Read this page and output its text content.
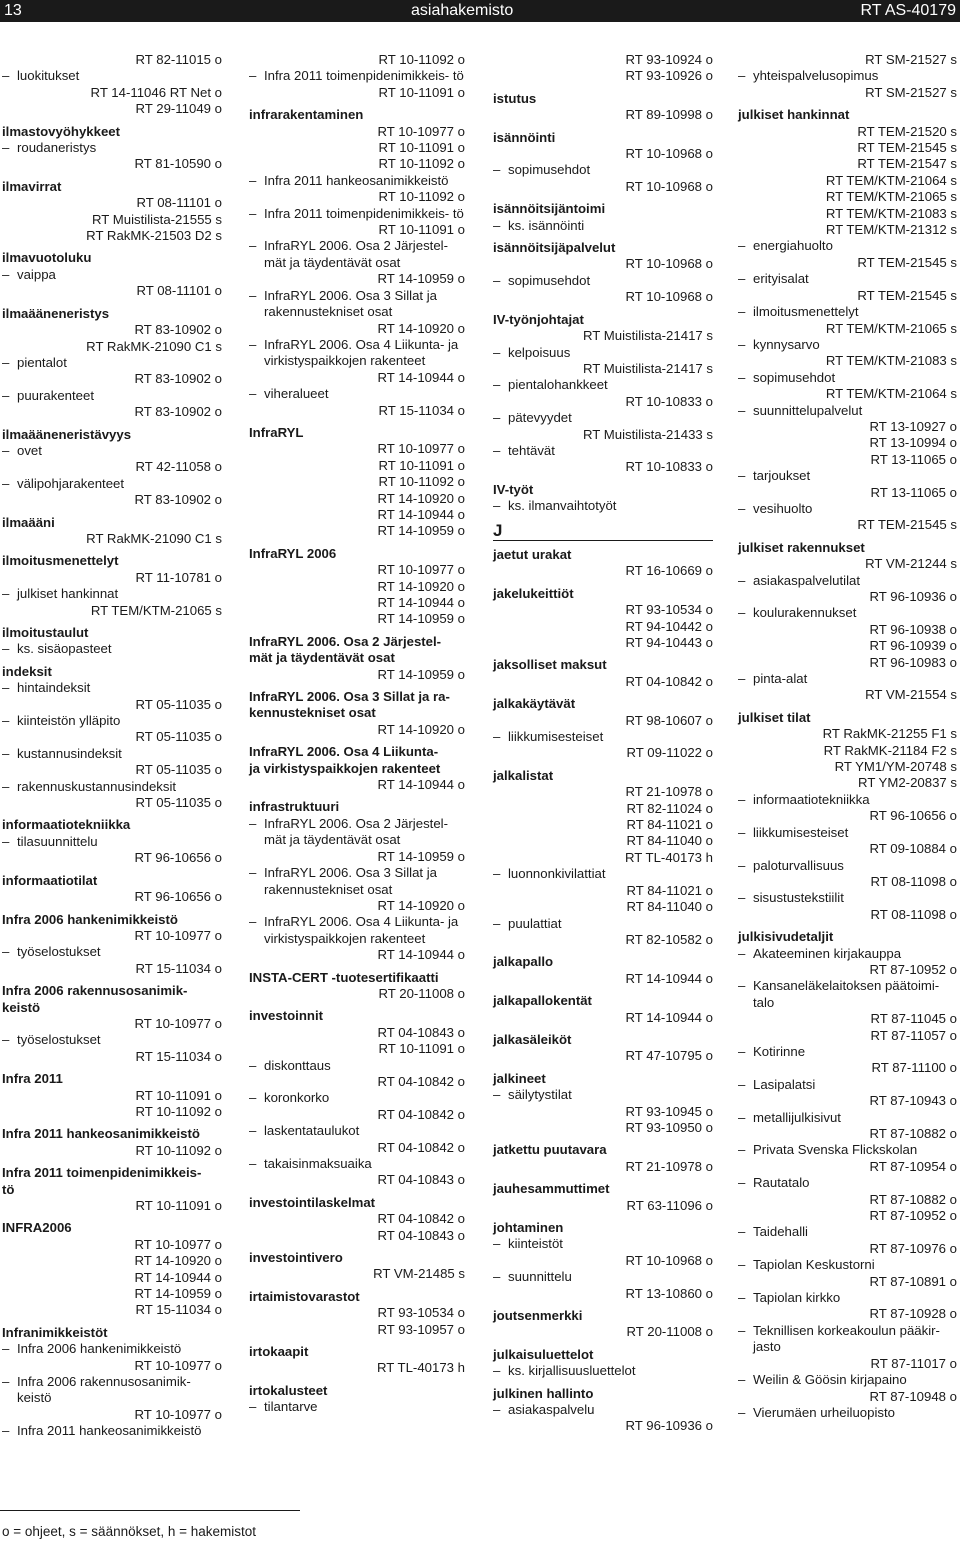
13	asiahakemisto	RT AS-40179
RT 82-11015 o
– luokitukset
RT 14-11046 RT Net o
RT 29-11049 o
ilmastovyöhykkeet
– roudaneristys
RT 81-10590 o
ilmavirrat
RT 08-11101 o
RT Muistilista-21555 s
RT RakMK-21503 D2 s
ilmavuotoluku
– vaippa
RT 08-11101 o
ilmaääneneristys
RT 83-10902 o
RT RakMK-21090 C1 s
– pientalot
RT 83-10902 o
– puurakenteet
RT 83-10902 o
ilmaääneneristävyys
– ovet
RT 42-11058 o
– välipohjarakenteet
RT 83-10902 o
ilmaääni
RT RakMK-21090 C1 s
ilmoitusmenettelyt
RT 11-10781 o
– julkiset hankinnat
RT TEM/KTM-21065 s
ilmoitustaulut
– ks. sisäopasteet
indeksit
– hintaindeksit
RT 05-11035 o
– kiinteistön ylläpito
RT 05-11035 o
– kustannusindeksit
RT 05-11035 o
– rakennuskustannusindeksit
RT 05-11035 o
informaatiotekniikka
– tilasuunnittelu
RT 96-10656 o
informaatiotilat
RT 96-10656 o
Infra 2006 hankenimikkeistö
RT 10-10977 o
– työselostukset
RT 15-11034 o
Infra 2006 rakennusosanimik-
keistö
RT 10-10977 o
– työselostukset
RT 15-11034 o
Infra 2011
RT 10-11091 o
RT 10-11092 o
Infra 2011 hankeosanimikkeistö
RT 10-11092 o
Infra 2011 toimenpidenimikkeis-
tö
RT 10-11091 o
INFRA2006
RT 10-10977 o
RT 14-10920 o
RT 14-10944 o
RT 14-10959 o
RT 15-11034 o
Infranimikkeistöt
– Infra 2006 hankenimikkeistö
RT 10-10977 o
– Infra 2006 rakennusosanimik- keistö
RT 10-10977 o
– Infra 2011 hankeosanimikkeistö
RT 10-11092 o
– Infra 2011 toimenpidenimikkeis- tö
RT 10-11091 o
infrarakentaminen
RT 10-10977 o
RT 10-11091 o
RT 10-11092 o
– Infra 2011 hankeosanimikkeistö
RT 10-11092 o
– Infra 2011 toimenpidenimikkeis- tö
RT 10-11091 o
– InfraRYL 2006. Osa 2 Järjestel- mät ja täydentävät osat
RT 14-10959 o
– InfraRYL 2006. Osa 3 Sillat ja rakennustekniset osat
RT 14-10920 o
– InfraRYL 2006. Osa 4 Liikunta- ja virkistyspaikkojen rakenteet
RT 14-10944 o
– viheralueet
RT 15-11034 o
InfraRYL
RT 10-10977 o
RT 10-11091 o
RT 10-11092 o
RT 14-10920 o
RT 14-10944 o
RT 14-10959 o
InfraRYL 2006
RT 10-10977 o
RT 14-10920 o
RT 14-10944 o
RT 14-10959 o
InfraRYL 2006. Osa 2 Järjestel-
mät ja täydentävät osat
RT 14-10959 o
InfraRYL 2006. Osa 3 Sillat ja ra-
kennustekniset osat
RT 14-10920 o
InfraRYL 2006. Osa 4 Liikunta-
ja virkistyspaikkojen rakenteet
RT 14-10944 o
infrastruktuuri
– InfraRYL 2006. Osa 2 Järjestel- mät ja täydentävät osat
RT 14-10959 o
– InfraRYL 2006. Osa 3 Sillat ja rakennustekniset osat
RT 14-10920 o
– InfraRYL 2006. Osa 4 Liikunta- ja virkistyspaikkojen rakenteet
RT 14-10944 o
INSTA-CERT -tuotesertifikaatti
RT 20-11008 o
investoinnit
RT 04-10843 o
RT 10-11091 o
– diskonttaus
RT 04-10842 o
– koronkorko
RT 04-10842 o
– laskentataulukot
RT 04-10842 o
– takaisinmaksuaika
RT 04-10843 o
investointilaskelmat
RT 04-10842 o
RT 04-10843 o
investointivero
RT VM-21485 s
irtaimistovarastot
RT 93-10534 o
RT 93-10957 o
irtokaapit
RT TL-40173 h
irtokalusteet
– tilantarve
RT 93-10924 o
RT 93-10926 o
istutus
RT 89-10998 o
isännöinti
RT 10-10968 o
– sopimusehdot
RT 10-10968 o
isännöitsijäntoimi
– ks. isännöinti
isännöitsijäpalvelut
RT 10-10968 o
– sopimusehdot
RT 10-10968 o
IV-työnjohtajat
RT Muistilista-21417 s
– kelpoisuus
RT Muistilista-21417 s
– pientalohankkeet
RT 10-10833 o
– pätevyydet
RT Muistilista-21433 s
– tehtävät
RT 10-10833 o
IV-työt
– ks. ilmanvaihtotyöt
J
jaetut urakat
RT 16-10669 o
jakelukeittiöt
RT 93-10534 o
RT 94-10442 o
RT 94-10443 o
jaksolliset maksut
RT 04-10842 o
jalkakäytävät
RT 98-10607 o
– liikkumisesteiset
RT 09-11022 o
jalkalistat
RT 21-10978 o
RT 82-11024 o
RT 84-11021 o
RT 84-11040 o
RT TL-40173 h
– luonnonkivilattiat
RT 84-11021 o
RT 84-11040 o
– puulattiat
RT 82-10582 o
jalkapallo
RT 14-10944 o
jalkapallokentät
RT 14-10944 o
jalkasäleiköt
RT 47-10795 o
jalkineet
– säilytystilat
RT 93-10945 o
RT 93-10950 o
jatkettu puutavara
RT 21-10978 o
jauhesammuttimet
RT 63-11096 o
johtaminen
– kiinteistöt
RT 10-10968 o
– suunnittelu
RT 13-10860 o
joutsenmerkki
RT 20-11008 o
julkaisuluettelot
– ks. kirjallisuusluettelot
julkinen hallinto
– asiakaspalvelu
RT 96-10936 o
RT SM-21527 s
– yhteispalvelusopimus
RT SM-21527 s
julkiset hankinnat
RT TEM-21520 s
RT TEM-21545 s
RT TEM-21547 s
RT TEM/KTM-21064 s
RT TEM/KTM-21065 s
RT TEM/KTM-21083 s
RT TEM/KTM-21312 s
– energiahuolto
RT TEM-21545 s
– erityisalat
RT TEM-21545 s
– ilmoitusmenettelyt
RT TEM/KTM-21065 s
– kynnysarvo
RT TEM/KTM-21083 s
– sopimusehdot
RT TEM/KTM-21064 s
– suunnittelupalvelut
RT 13-10927 o
RT 13-10994 o
RT 13-11065 o
– tarjoukset
RT 13-11065 o
– vesihuolto
RT TEM-21545 s
julkiset rakennukset
RT VM-21244 s
– asiakaspalvelutilat
RT 96-10936 o
– koulurakennukset
RT 96-10938 o
RT 96-10939 o
RT 96-10983 o
– pinta-alat
RT VM-21554 s
julkiset tilat
RT RakMK-21255 F1 s
RT RakMK-21184 F2 s
RT YM1/YM-20748 s
RT YM2-20837 s
– informaatiotekniikka
RT 96-10656 o
– liikkumisesteiset
RT 09-10884 o
– paloturvallisuus
RT 08-11098 o
– sisustustekstiilit
RT 08-11098 o
julkisivudetaljit
– Akateeminen kirjakauppa
RT 87-10952 o
– Kansaneläkelaitoksen päätoimi- talo
RT 87-11045 o
RT 87-11057 o
– Kotirinne
RT 87-11100 o
– Lasipalatsi
RT 87-10943 o
– metallijulkisivut
RT 87-10882 o
– Privata Svenska Flickskolan
RT 87-10954 o
– Rautatalo
RT 87-10882 o
RT 87-10952 o
– Taidehalli
RT 87-10976 o
– Tapiolan Keskustorni
RT 87-10891 o
– Tapiolan kirkko
RT 87-10928 o
– Teknillisen korkeakoulun pääkir- jasto
RT 87-11017 o
– Weilin & Göösin kirjapaino
RT 87-10948 o
– Vierumäen urheiluopisto
o = ohjeet, s = säännökset, h = hakemistot
